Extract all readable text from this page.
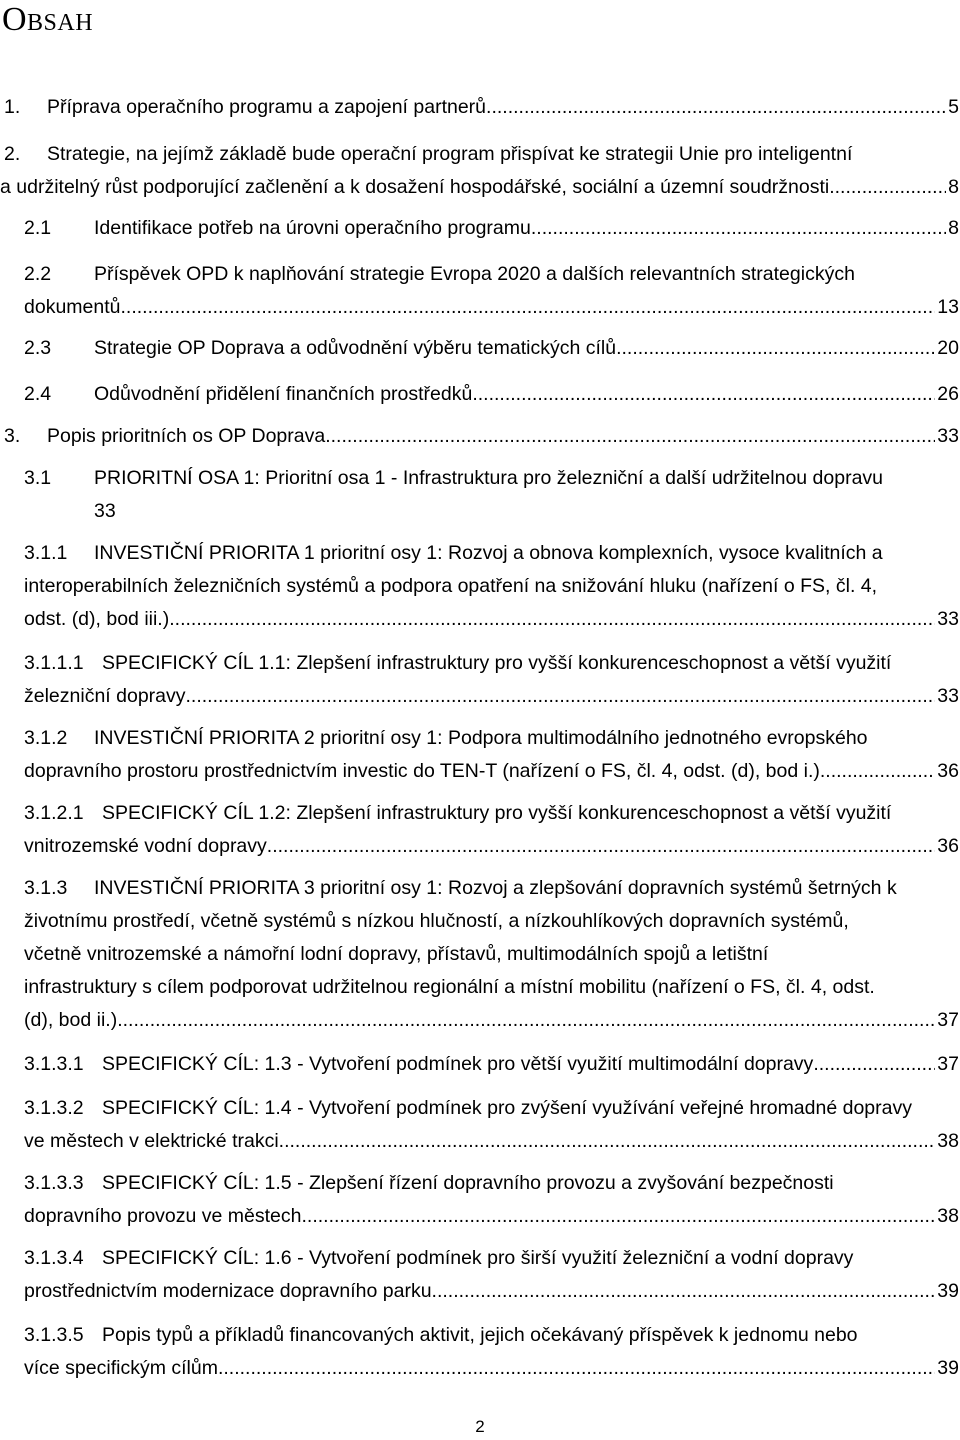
Obsah
1. Příprava operačního programu a zapojení partnerů .....	5
2. Strategie, na jejímž základě bude operační program přispívat ke strategii Unie pro inteligentní
a udržitelný růst podporující začlenění a k dosažení hospodářské, sociální a územní soudržnosti .....	8
2.1 Identifikace potřeb na úrovni operačního programu .....	8
2.2 Příspěvek OPD k naplňování strategie Evropa 2020 a dalších relevantních strategických
dokumentů .....	13
2.3 Strategie OP Doprava a odůvodnění výběru tematických cílů .....	20
2.4 Odůvodnění přidělení finančních prostředků .....	26
3. Popis prioritních os OP Doprava .....	33
3.1 PRIORITNÍ OSA 1: Prioritní osa 1 - Infrastruktura pro železniční a další udržitelnou dopravu
33
3.1.1 INVESTIČNÍ PRIORITA 1 prioritní osy 1: Rozvoj a obnova komplexních, vysoce kvalitních a
interoperabilních železničních systémů a podpora opatření na snižování hluku (nařízení o FS, čl. 4,
odst. (d), bod iii.) .....	33
3.1.1.1 SPECIFICKÝ CÍL 1.1: Zlepšení infrastruktury pro vyšší konkurenceschopnost a větší využití
železniční dopravy .....	33
3.1.2 INVESTIČNÍ PRIORITA 2 prioritní osy 1: Podpora multimodálního jednotného evropského
dopravního prostoru prostřednictvím investic do TEN-T (nařízení o FS, čl. 4, odst. (d), bod i.) .....	36
3.1.2.1 SPECIFICKÝ CÍL 1.2: Zlepšení infrastruktury pro vyšší konkurenceschopnost a větší využití
vnitrozemské vodní dopravy .....	36
3.1.3 INVESTIČNÍ PRIORITA 3 prioritní osy 1: Rozvoj a zlepšování dopravních systémů šetrných k
životnímu prostředí, včetně systémů s nízkou hlučností, a nízkouhlíkových dopravních systémů,
včetně vnitrozemské a námořní lodní dopravy, přístavů, multimodálních spojů a letištní
infrastruktury s cílem podporovat udržitelnou regionální a místní mobilitu (nařízení o FS, čl. 4, odst.
(d), bod ii.) .....	37
3.1.3.1 SPECIFICKÝ CÍL: 1.3 - Vytvoření podmínek pro větší využití multimodální dopravy .....	37
3.1.3.2 SPECIFICKÝ CÍL: 1.4 - Vytvoření podmínek pro zvýšení využívání veřejné hromadné dopravy
ve městech v elektrické trakci .....	38
3.1.3.3 SPECIFICKÝ CÍL: 1.5 - Zlepšení řízení dopravního provozu a zvyšování bezpečnosti
dopravního provozu ve městech .....	38
3.1.3.4 SPECIFICKÝ CÍL: 1.6 - Vytvoření podmínek pro širší využití železniční a vodní dopravy
prostřednictvím modernizace dopravního parku .....	39
3.1.3.5 Popis typů a příkladů financovaných aktivit, jejich očekávaný příspěvek k jednomu nebo
více specifickým cílům .....	39
2
